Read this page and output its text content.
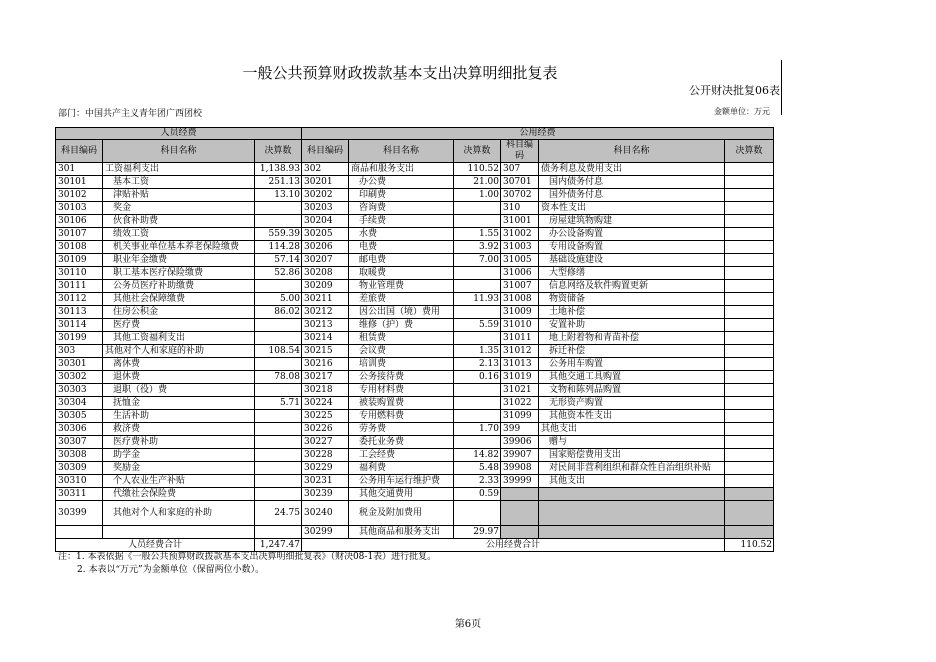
一般公共预算财政拨款基本支出决算明细批复表
公开财决批复06表
部门：中国共产主义青年团广西团校	金额单位：万元
人员经费			公用经费					
科目编码	科目名称	决算数	科目编码	科目名称	决算数	科目编码	科目名称	决算数
301	工资福利支出	1,138.93	302	商品和服务支出	110.52	307	债务利息及费用支出	
30101	基本工资	251.13	30201	办公费	21.00	30701	国内债务付息	
30102	津贴补贴	13.10	30202	印刷费	1.00	30702	国外债务付息	
30103	奖金		30203	咨询费		310	资本性支出	
30106	伙食补助费		30204	手续费		31001	房屋建筑物购建	
30107	绩效工资	559.39	30205	水费	1.55	31002	办公设备购置	
30108	机关事业单位基本养老保险缴费	114.28	30206	电费	3.92	31003	专用设备购置	
30109	职业年金缴费	57.14	30207	邮电费	7.00	31005	基础设施建设	
30110	职工基本医疗保险缴费	52.86	30208	取暖费		31006	大型修缮	
30111	公务员医疗补助缴费		30209	物业管理费		31007	信息网络及软件购置更新	
30112	其他社会保障缴费	5.00	30211	差旅费	11.93	31008	物资储备	
30113	住房公积金	86.02	30212	因公出国（境）费用		31009	土地补偿	
30114	医疗费		30213	维修（护）费	5.59	31010	安置补助	
30199	其他工资福利支出		30214	租赁费		31011	地上附着物和青苗补偿	
303	其他对个人和家庭的补助	108.54	30215	会议费	1.35	31012	拆迁补偿	
30301	离休费		30216	培训费	2.13	31013	公务用车购置	
30302	退休费	78.08	30217	公务接待费	0.16	31019	其他交通工具购置	
30303	退职（役）费		30218	专用材料费		31021	文物和陈列品购置	
30304	抚恤金	5.71	30224	被装购置费		31022	无形资产购置	
30305	生活补助		30225	专用燃料费		31099	其他资本性支出	
30306	救济费		30226	劳务费	1.70	399	其他支出	
30307	医疗费补助		30227	委托业务费		39906	赠与	
30308	助学金		30228	工会经费	14.82	39907	国家赔偿费用支出	
30309	奖励金		30229	福利费	5.48	39908	对民间非营利组织和群众性自治组织补贴	
30310	个人农业生产补贴		30231	公务用车运行维护费	2.33	39999	其他支出	
30311	代缴社会保险费		30239	其他交通费用	0.59			
30399	其他对个人和家庭的补助	24.75	30240	税金及附加费用				
			30299	其他商品和服务支出	29.97			
人员经费合计		1,247.47	公用经费合计					110.52
注：1. 本表依据《一般公共预算财政拨款基本支出决算明细批复表》（财决08-1表）进行批复。
2. 本表以“万元”为金额单位（保留两位小数）。
第6页
